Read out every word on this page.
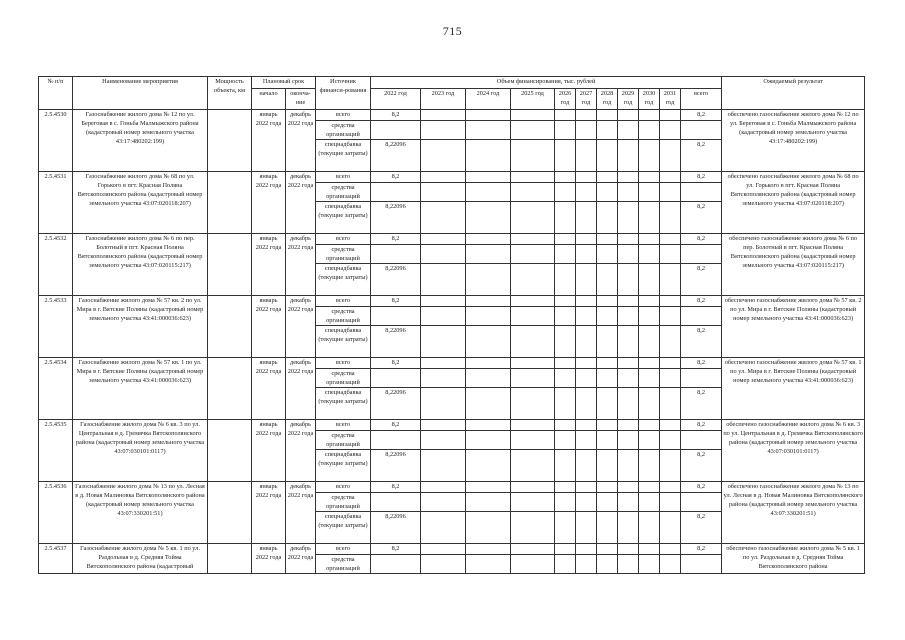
715
№ п/п	Наименование мероприятия	Мощность объекта, км	Плановый срок		Источник финанси-рования	Объем финансирования, тыс. рублей											Ожидаемый результат
			начало	оконча-ние		2022 год	2023 год	2024 год	2025 год	2026 год	2027 год	2028 год	2029 год	2030 год	2031 год	всего	

2.5.4530	Газоснабжение жилого дома № 12 по ул. Береговая в с. Гоньба Малмыжского района (кадастровый номер земельного участка 43:17:480202:199)		январь 2022 года	декабрь 2022 года	всего	8,2										8,2	обеспечено газоснабжение жилого дома № 12 по ул. Береговая в с. Гоньба Малмыжского района (кадастровый номер земельного участка 43:17:480202:199)
					средства организаций												
					спецнадбавка (текущие затраты)	8,22096										8,2	
2.5.4531	Газоснабжение жилого дома № 68 по ул. Горького в пгт. Красная Поляна Вятскополянского района (кадастровый номер земельного участка 43:07:020118:207)		январь 2022 года	декабрь 2022 года	всего	8,2										8,2	обеспечено газоснабжение жилого дома № 68 по ул. Горького в пгт. Красная Поляна Вятскополянского района (кадастровый номер земельного участка 43:07:020118:207)
					средства организаций												
					спецнадбавка (текущие затраты)	8,22096										8,2	
2.5.4532	Газоснабжение жилого дома № 6 по пер. Болотный в пгт. Красная Поляна Вятскополянского района (кадастровый номер земельного участка 43:07:020115:217)		январь 2022 года	декабрь 2022 года	всего	8,2										8,2	обеспечено газоснабжение жилого дома № 6 по пер. Болотный в пгт. Красная Поляна Вятскополянского района (кадастровый номер земельного участка 43:07:020115:217)
					средства организаций												
					спецнадбавка (текущие затраты)	8,22096										8,2	
2.5.4533	Газоснабжение жилого дома № 57 кв. 2 по ул. Мира в г. Вятские Поляны (кадастровый номер земельного участка 43:41:000036:623)		январь 2022 года	декабрь 2022 года	всего	8,2										8,2	обеспечено газоснабжение жилого дома № 57 кв. 2 по ул. Мира в г. Вятские Поляны (кадастровый номер земельного участка 43:41:000036:623)
					средства организаций												
					спецнадбавка (текущие затраты)	8,22096										8,2	
2.5.4534	Газоснабжение жилого дома № 57 кв. 1 по ул. Мира в г. Вятские Поляны (кадастровый номер земельного участка 43:41:000036:623)		январь 2022 года	декабрь 2022 года	всего	8,2										8,2	обеспечено газоснабжение жилого дома № 57 кв. 1 по ул. Мира в г. Вятские Поляны (кадастровый номер земельного участка 43:41:000036:623)
					средства организаций												
					спецнадбавка (текущие затраты)	8,22096										8,2	
2.5.4535	Газоснабжение жилого дома № 6 кв. 3 по ул. Центральная в д. Гремячка Вятскополянского района (кадастровый номер земельного участка 43:07:030101:0117)		январь 2022 года	декабрь 2022 года	всего	8,2										8,2	обеспечено газоснабжение жилого дома № 6 кв. 3 по ул. Центральная в д. Гремячка Вятскополянского района (кадастровый номер земельного участка 43:07:030101:0117)
					средства организаций												
					спецнадбавка (текущие затраты)	8,22096										8,2	
2.5.4536	Газоснабжение жилого дома № 13 по ул. Лесная в д. Новая Малиновка Вятскополянского района (кадастровый номер земельного участка 43:07:330201:51)		январь 2022 года	декабрь 2022 года	всего	8,2										8,2	обеспечено газоснабжение жилого дома № 13 по ул. Лесная в д. Новая Малиновка Вятскополянского района (кадастровый номер земельного участка 43:07:330201:51)
					средства организаций												
					спецнадбавка (текущие затраты)	8,22096										8,2	
2.5.4537	Газоснабжение жилого дома № 5 кв. 1 по ул. Раздольная в д. Средняя Тойма Вятскополянского района (кадастровый		январь 2022 года	декабрь 2022 года	всего	8,2										8,2	обеспечено газоснабжение жилого дома № 5 кв. 1 по ул. Раздольная в д. Средняя Тойма Вятскополянского района
					средства организаций												
